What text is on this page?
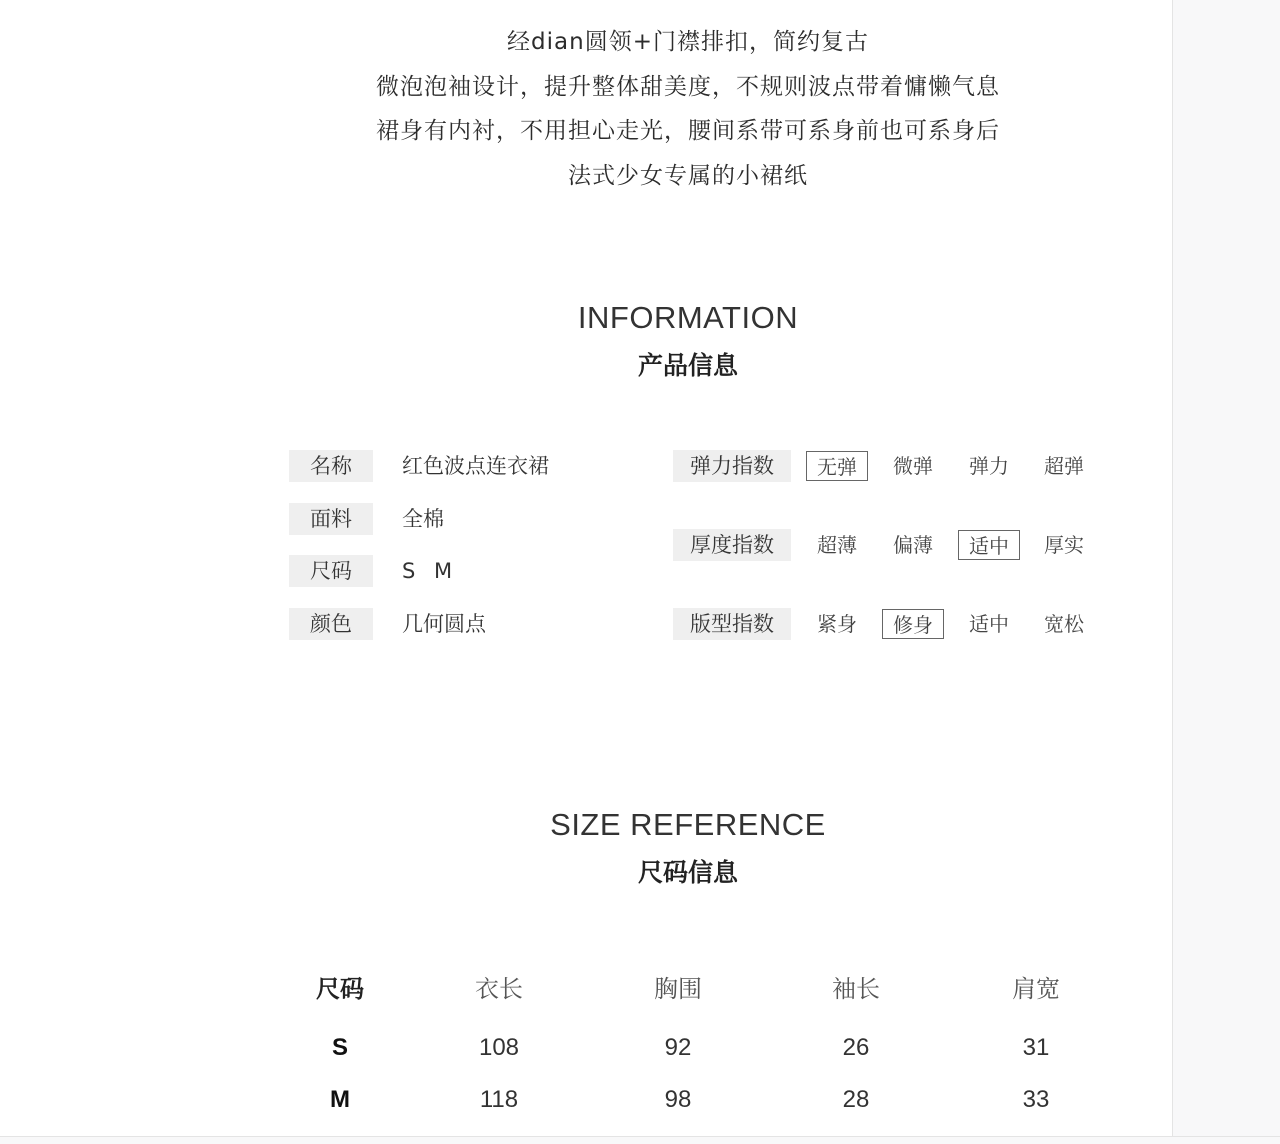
经dian圆领+门襟排扣，简约复古
微泡泡袖设计，提升整体甜美度，不规则波点带着慵懒气息
裙身有内衬，不用担心走光，腰间系带可系身前也可系身后
法式少女专属的小裙纸
INFORMATION
产品信息
名称	红色波点连衣裙
面料	全棉
尺码	S M
颜色	几何圆点
弹力指数	无弹	微弹	弹力	超弹
厚度指数	超薄	偏薄	适中	厚实
版型指数	紧身	修身	适中	宽松
SIZE REFERENCE
尺码信息
尺码	衣长	胸围	袖长	肩宽
S	108	92	26	31
M	118	98	28	33
